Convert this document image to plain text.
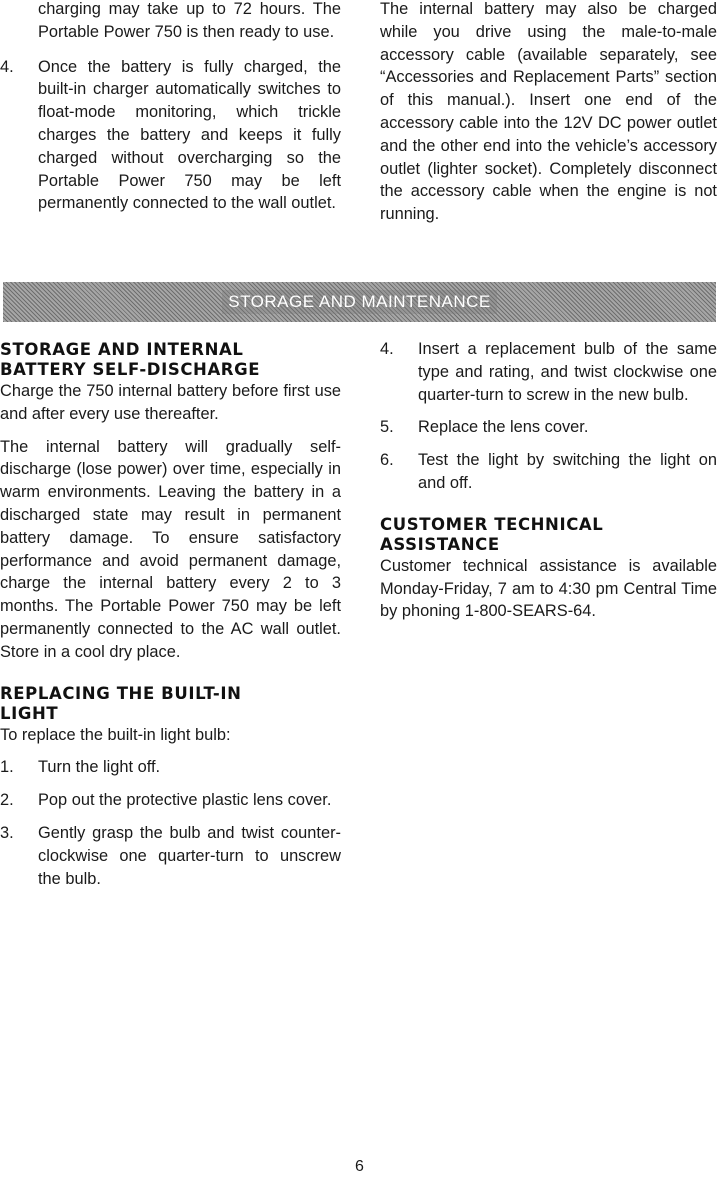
charging may take up to 72 hours. The Portable Power 750 is then ready to use.

4. Once the battery is fully charged, the built-in charger automatically switches to float-mode monitoring, which trickle charges the battery and keeps it fully charged without overcharging so the Portable Power 750 may be left permanently connected to the wall outlet.

The internal battery may also be charged while you drive using the male-to-male accessory cable (available separately, see “Accessories and Replacement Parts” section of this manual.). Insert one end of the accessory cable into the 12V DC power outlet and the other end into the vehicle’s accessory outlet (lighter socket). Completely disconnect the accessory cable when the engine is not running.

STORAGE AND MAINTENANCE
STORAGE AND INTERNAL BATTERY SELF-DISCHARGE

Charge the 750 internal battery before first use and after every use thereafter.

The internal battery will gradually self-discharge (lose power) over time, especially in warm environments. Leaving the battery in a discharged state may result in permanent battery damage. To ensure satisfactory performance and avoid permanent damage, charge the internal battery every 2 to 3 months. The Portable Power 750 may be left permanently connected to the AC wall outlet. Store in a cool dry place.

REPLACING THE BUILT-IN LIGHT

To replace the built-in light bulb:

1. Turn the light off.

2. Pop out the protective plastic lens cover.

3. Gently grasp the bulb and twist counter-clockwise one quarter-turn to unscrew the bulb.

4. Insert a replacement bulb of the same type and rating, and twist clockwise one quarter-turn to screw in the new bulb.

5. Replace the lens cover.

6. Test the light by switching the light on and off.

CUSTOMER TECHNICAL ASSISTANCE

Customer technical assistance is available Monday-Friday, 7 am to 4:30 pm Central Time by phoning 1-800-SEARS-64.

6
